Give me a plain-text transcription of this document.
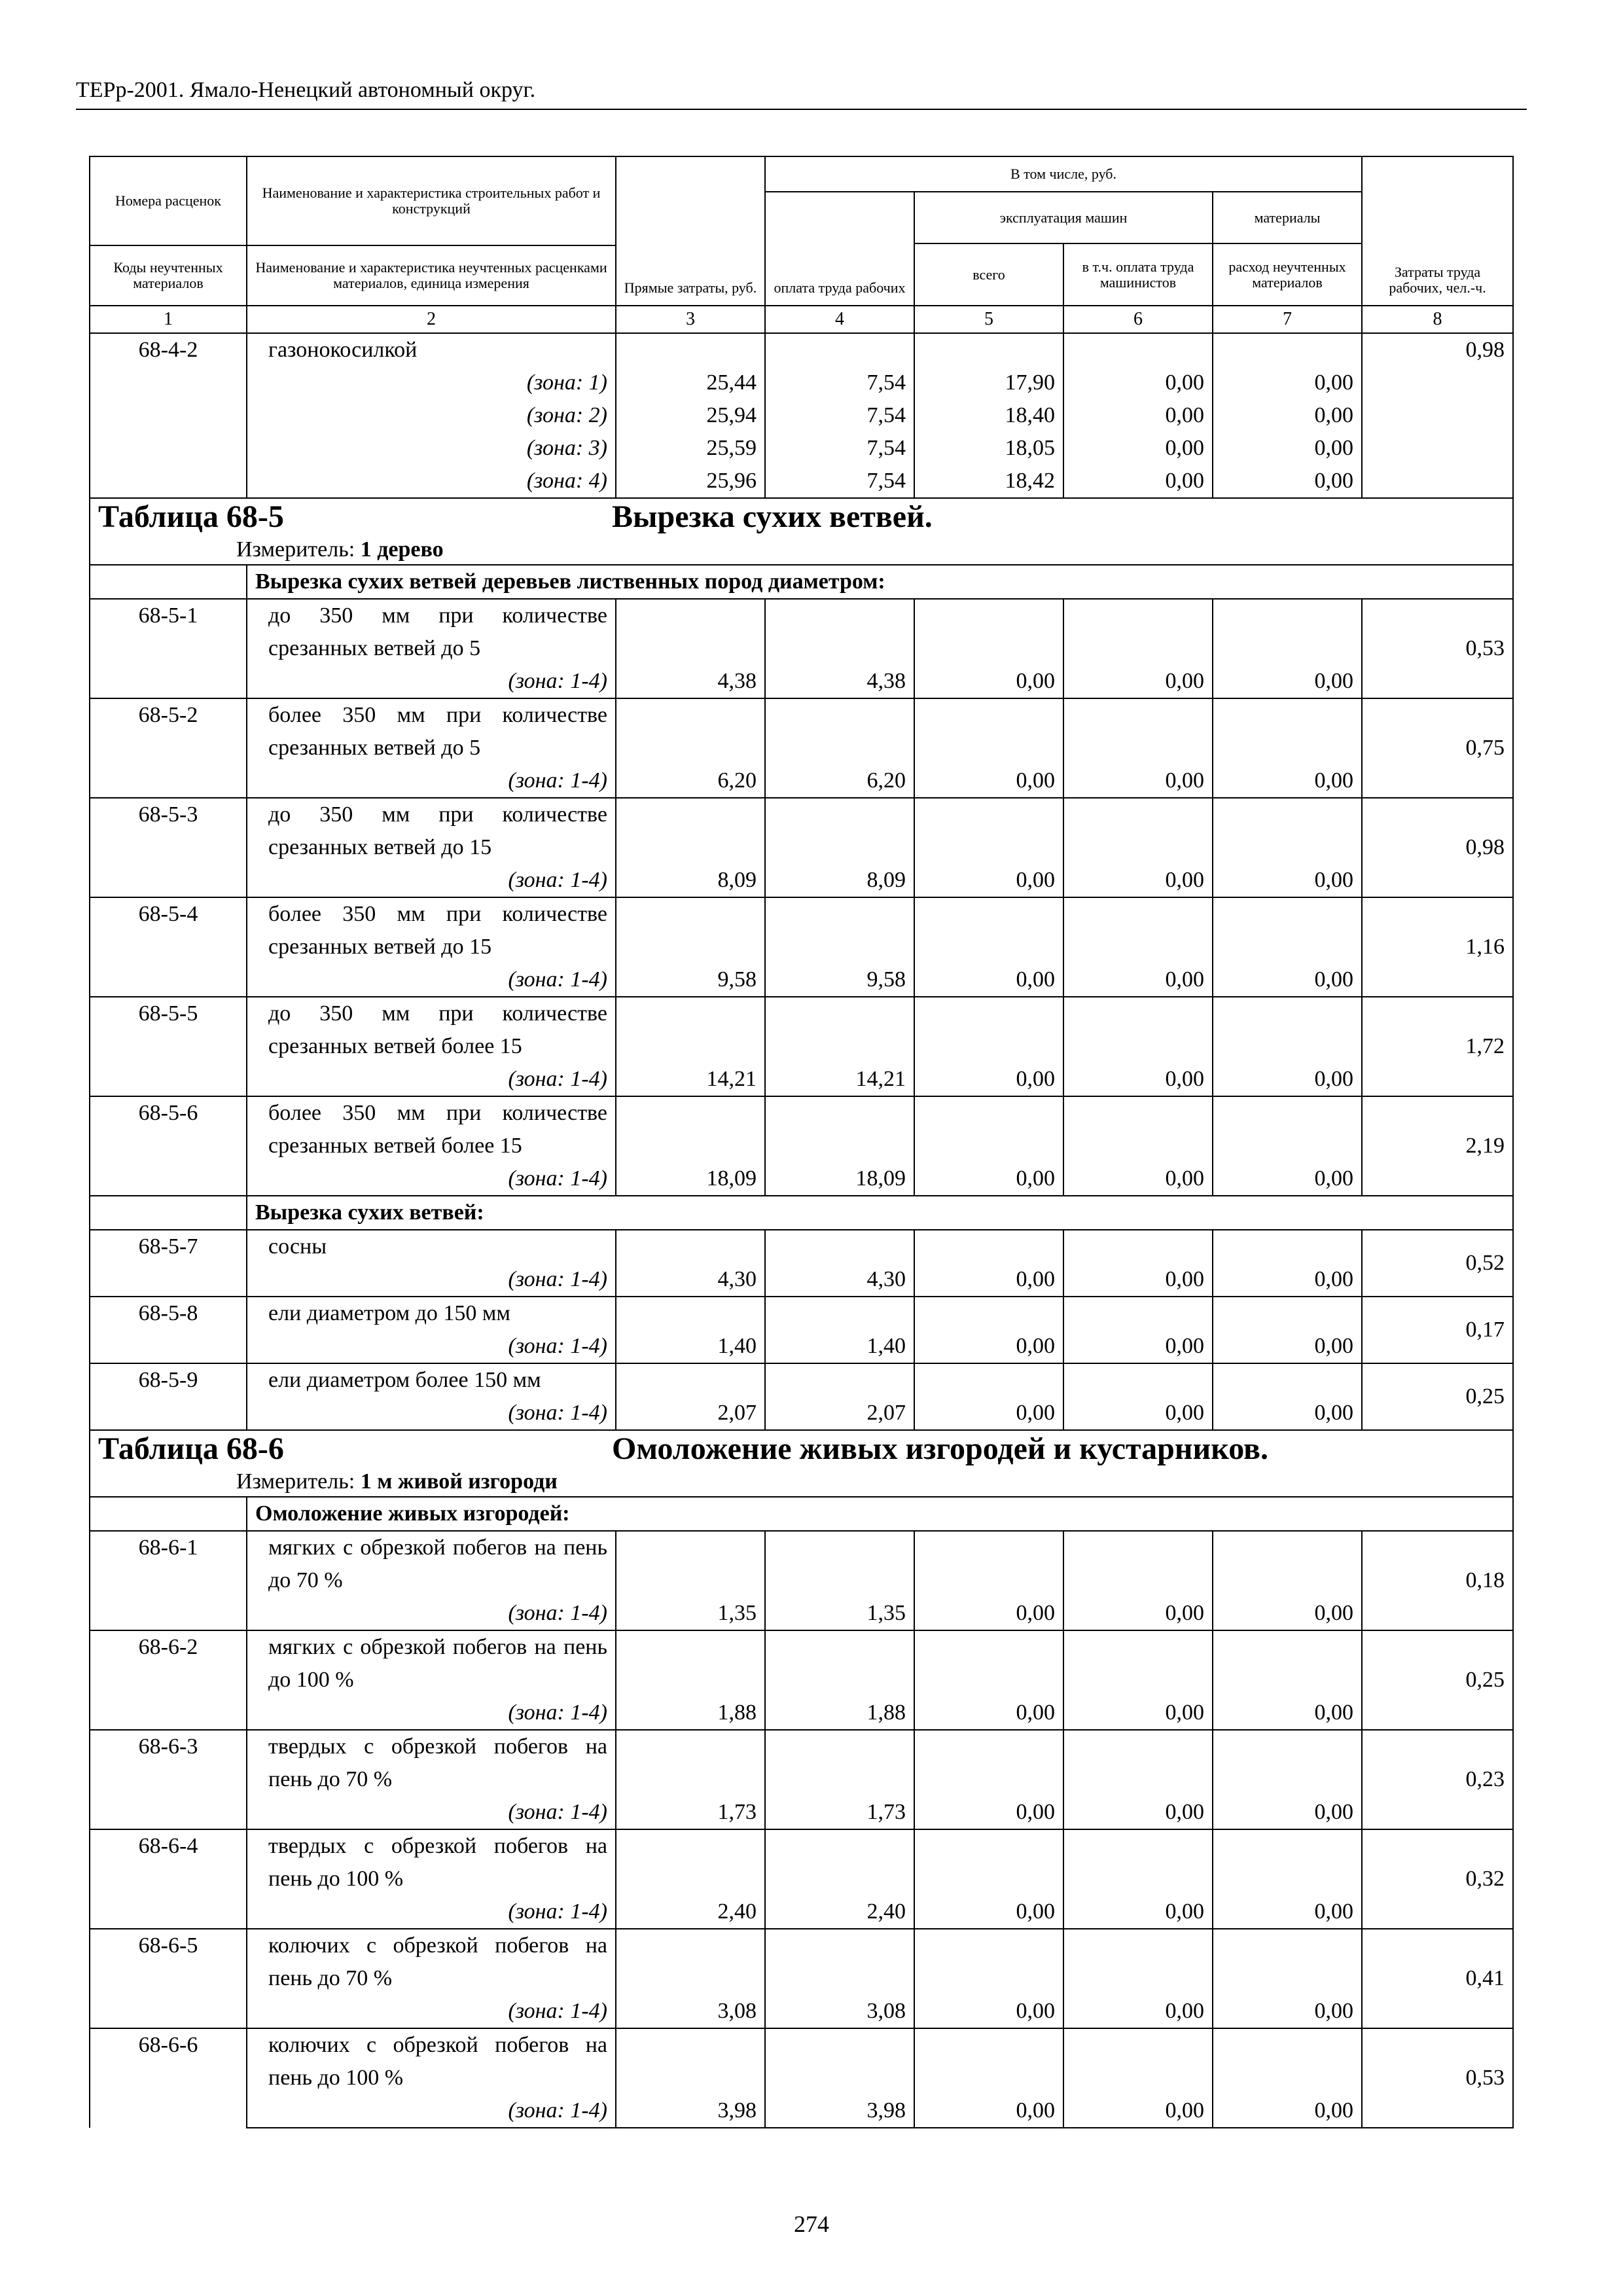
ТЕРр-2001. Ямало-Ненецкий автономный округ.
Номера расценок	Наименование и характеристика строительных работ и конструкций	Прямые затраты, руб.	В том числе, руб.				Затраты труда рабочих, чел.-ч.
			оплата труда рабочих	эксплуатация машин		материалы	
				всего	в т.ч. оплата труда машинистов	расход неучтенных материалов	
Коды неучтенных материалов	Наименование и характеристика неучтенных расценками материалов, единица измерения						
1	2	3	4	5	6	7	8
68-4-2	газонокосилкой						0,98

	(зона: 1)	25,44	7,54	17,90	0,00	0,00	

	(зона: 2)	25,94	7,54	18,40	0,00	0,00	

	(зона: 3)	25,59	7,54	18,05	0,00	0,00	

	(зона: 4)	25,96	7,54	18,42	0,00	0,00	

Таблица 68-5 Вырезка сухих ветвей.
Измеритель: 1 дерево							

	Вырезка сухих ветвей деревьев лиственных пород диаметром:						
68-5-1	до 350 мм при количестве срезанных ветвей до 5						0,53

	(зона: 1-4)	4,38	4,38	0,00	0,00	0,00	
68-5-2	более 350 мм при количестве срезанных ветвей до 5						0,75

	(зона: 1-4)	6,20	6,20	0,00	0,00	0,00	
68-5-3	до 350 мм при количестве срезанных ветвей до 15						0,98

	(зона: 1-4)	8,09	8,09	0,00	0,00	0,00	
68-5-4	более 350 мм при количестве срезанных ветвей до 15						1,16

	(зона: 1-4)	9,58	9,58	0,00	0,00	0,00	
68-5-5	до 350 мм при количестве срезанных ветвей более 15						1,72

	(зона: 1-4)	14,21	14,21	0,00	0,00	0,00	
68-5-6	более 350 мм при количестве срезанных ветвей более 15						2,19

	(зона: 1-4)	18,09	18,09	0,00	0,00	0,00	
	Вырезка сухих ветвей:						
68-5-7	сосны						0,52

	(зона: 1-4)	4,30	4,30	0,00	0,00	0,00	
68-5-8	ели диаметром до 150 мм						0,17

	(зона: 1-4)	1,40	1,40	0,00	0,00	0,00	
68-5-9	ели диаметром более 150 мм						0,25

	(зона: 1-4)	2,07	2,07	0,00	0,00	0,00	

Таблица 68-6 Омоложение живых изгородей и кустарников.
Измеритель: 1 м живой изгороди							

	Омоложение живых изгородей:						
68-6-1	мягких с обрезкой побегов на пень до 70 %						0,18

	(зона: 1-4)	1,35	1,35	0,00	0,00	0,00	
68-6-2	мягких с обрезкой побегов на пень до 100 %						0,25

	(зона: 1-4)	1,88	1,88	0,00	0,00	0,00	
68-6-3	твердых с обрезкой побегов на пень до 70 %						0,23

	(зона: 1-4)	1,73	1,73	0,00	0,00	0,00	
68-6-4	твердых с обрезкой побегов на пень до 100 %						0,32

	(зона: 1-4)	2,40	2,40	0,00	0,00	0,00	
68-6-5	колючих с обрезкой побегов на пень до 70 %						0,41

	(зона: 1-4)	3,08	3,08	0,00	0,00	0,00	
68-6-6	колючих с обрезкой побегов на пень до 100 %						0,53

	(зона: 1-4)	3,98	3,98	0,00	0,00	0,00	
274
